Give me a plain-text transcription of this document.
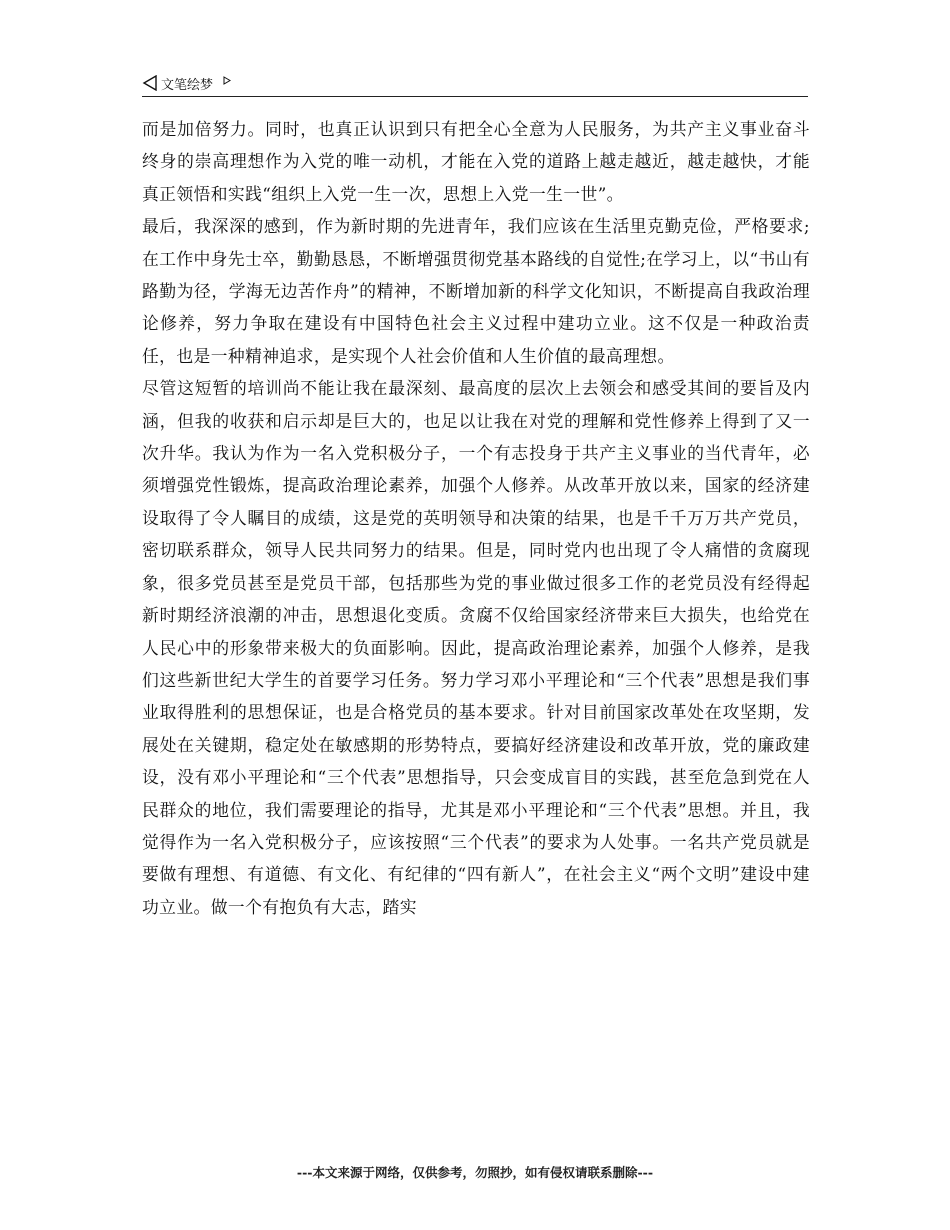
文笔绘梦

而是加倍努力。同时，也真正认识到只有把全心全意为人民服务，为共产主义事业奋斗终身的崇高理想作为入党的唯一动机，才能在入党的道路上越走越近，越走越快，才能真正领悟和实践“组织上入党一生一次，思想上入党一生一世”。

最后，我深深的感到，作为新时期的先进青年，我们应该在生活里克勤克俭，严格要求;在工作中身先士卒，勤勤恳恳，不断增强贯彻党基本路线的自觉性;在学习上，以“书山有路勤为径，学海无边苦作舟”的精神，不断增加新的科学文化知识，不断提高自我政治理论修养，努力争取在建设有中国特色社会主义过程中建功立业。这不仅是一种政治责任，也是一种精神追求，是实现个人社会价值和人生价值的最高理想。

尽管这短暂的培训尚不能让我在最深刻、最高度的层次上去领会和感受其间的要旨及内涵，但我的收获和启示却是巨大的，也足以让我在对党的理解和党性修养上得到了又一次升华。我认为作为一名入党积极分子，一个有志投身于共产主义事业的当代青年，必须增强党性锻炼，提高政治理论素养，加强个人修养。从改革开放以来，国家的经济建设取得了令人瞩目的成绩，这是党的英明领导和决策的结果，也是千千万万共产党员，密切联系群众，领导人民共同努力的结果。但是，同时党内也出现了令人痛惜的贪腐现象，很多党员甚至是党员干部，包括那些为党的事业做过很多工作的老党员没有经得起新时期经济浪潮的冲击，思想退化变质。贪腐不仅给国家经济带来巨大损失，也给党在人民心中的形象带来极大的负面影响。因此，提高政治理论素养，加强个人修养，是我们这些新世纪大学生的首要学习任务。努力学习邓小平理论和“三个代表”思想是我们事业取得胜利的思想保证，也是合格党员的基本要求。针对目前国家改革处在攻坚期，发展处在关键期，稳定处在敏感期的形势特点，要搞好经济建设和改革开放，党的廉政建设，没有邓小平理论和“三个代表”思想指导，只会变成盲目的实践，甚至危急到党在人民群众的地位，我们需要理论的指导，尤其是邓小平理论和“三个代表”思想。并且，我觉得作为一名入党积极分子，应该按照“三个代表”的要求为人处事。一名共产党员就是要做有理想、有道德、有文化、有纪律的“四有新人”，在社会主义“两个文明”建设中建功立业。做一个有抱负有大志，踏实

---本文来源于网络，仅供参考，勿照抄，如有侵权请联系删除---
